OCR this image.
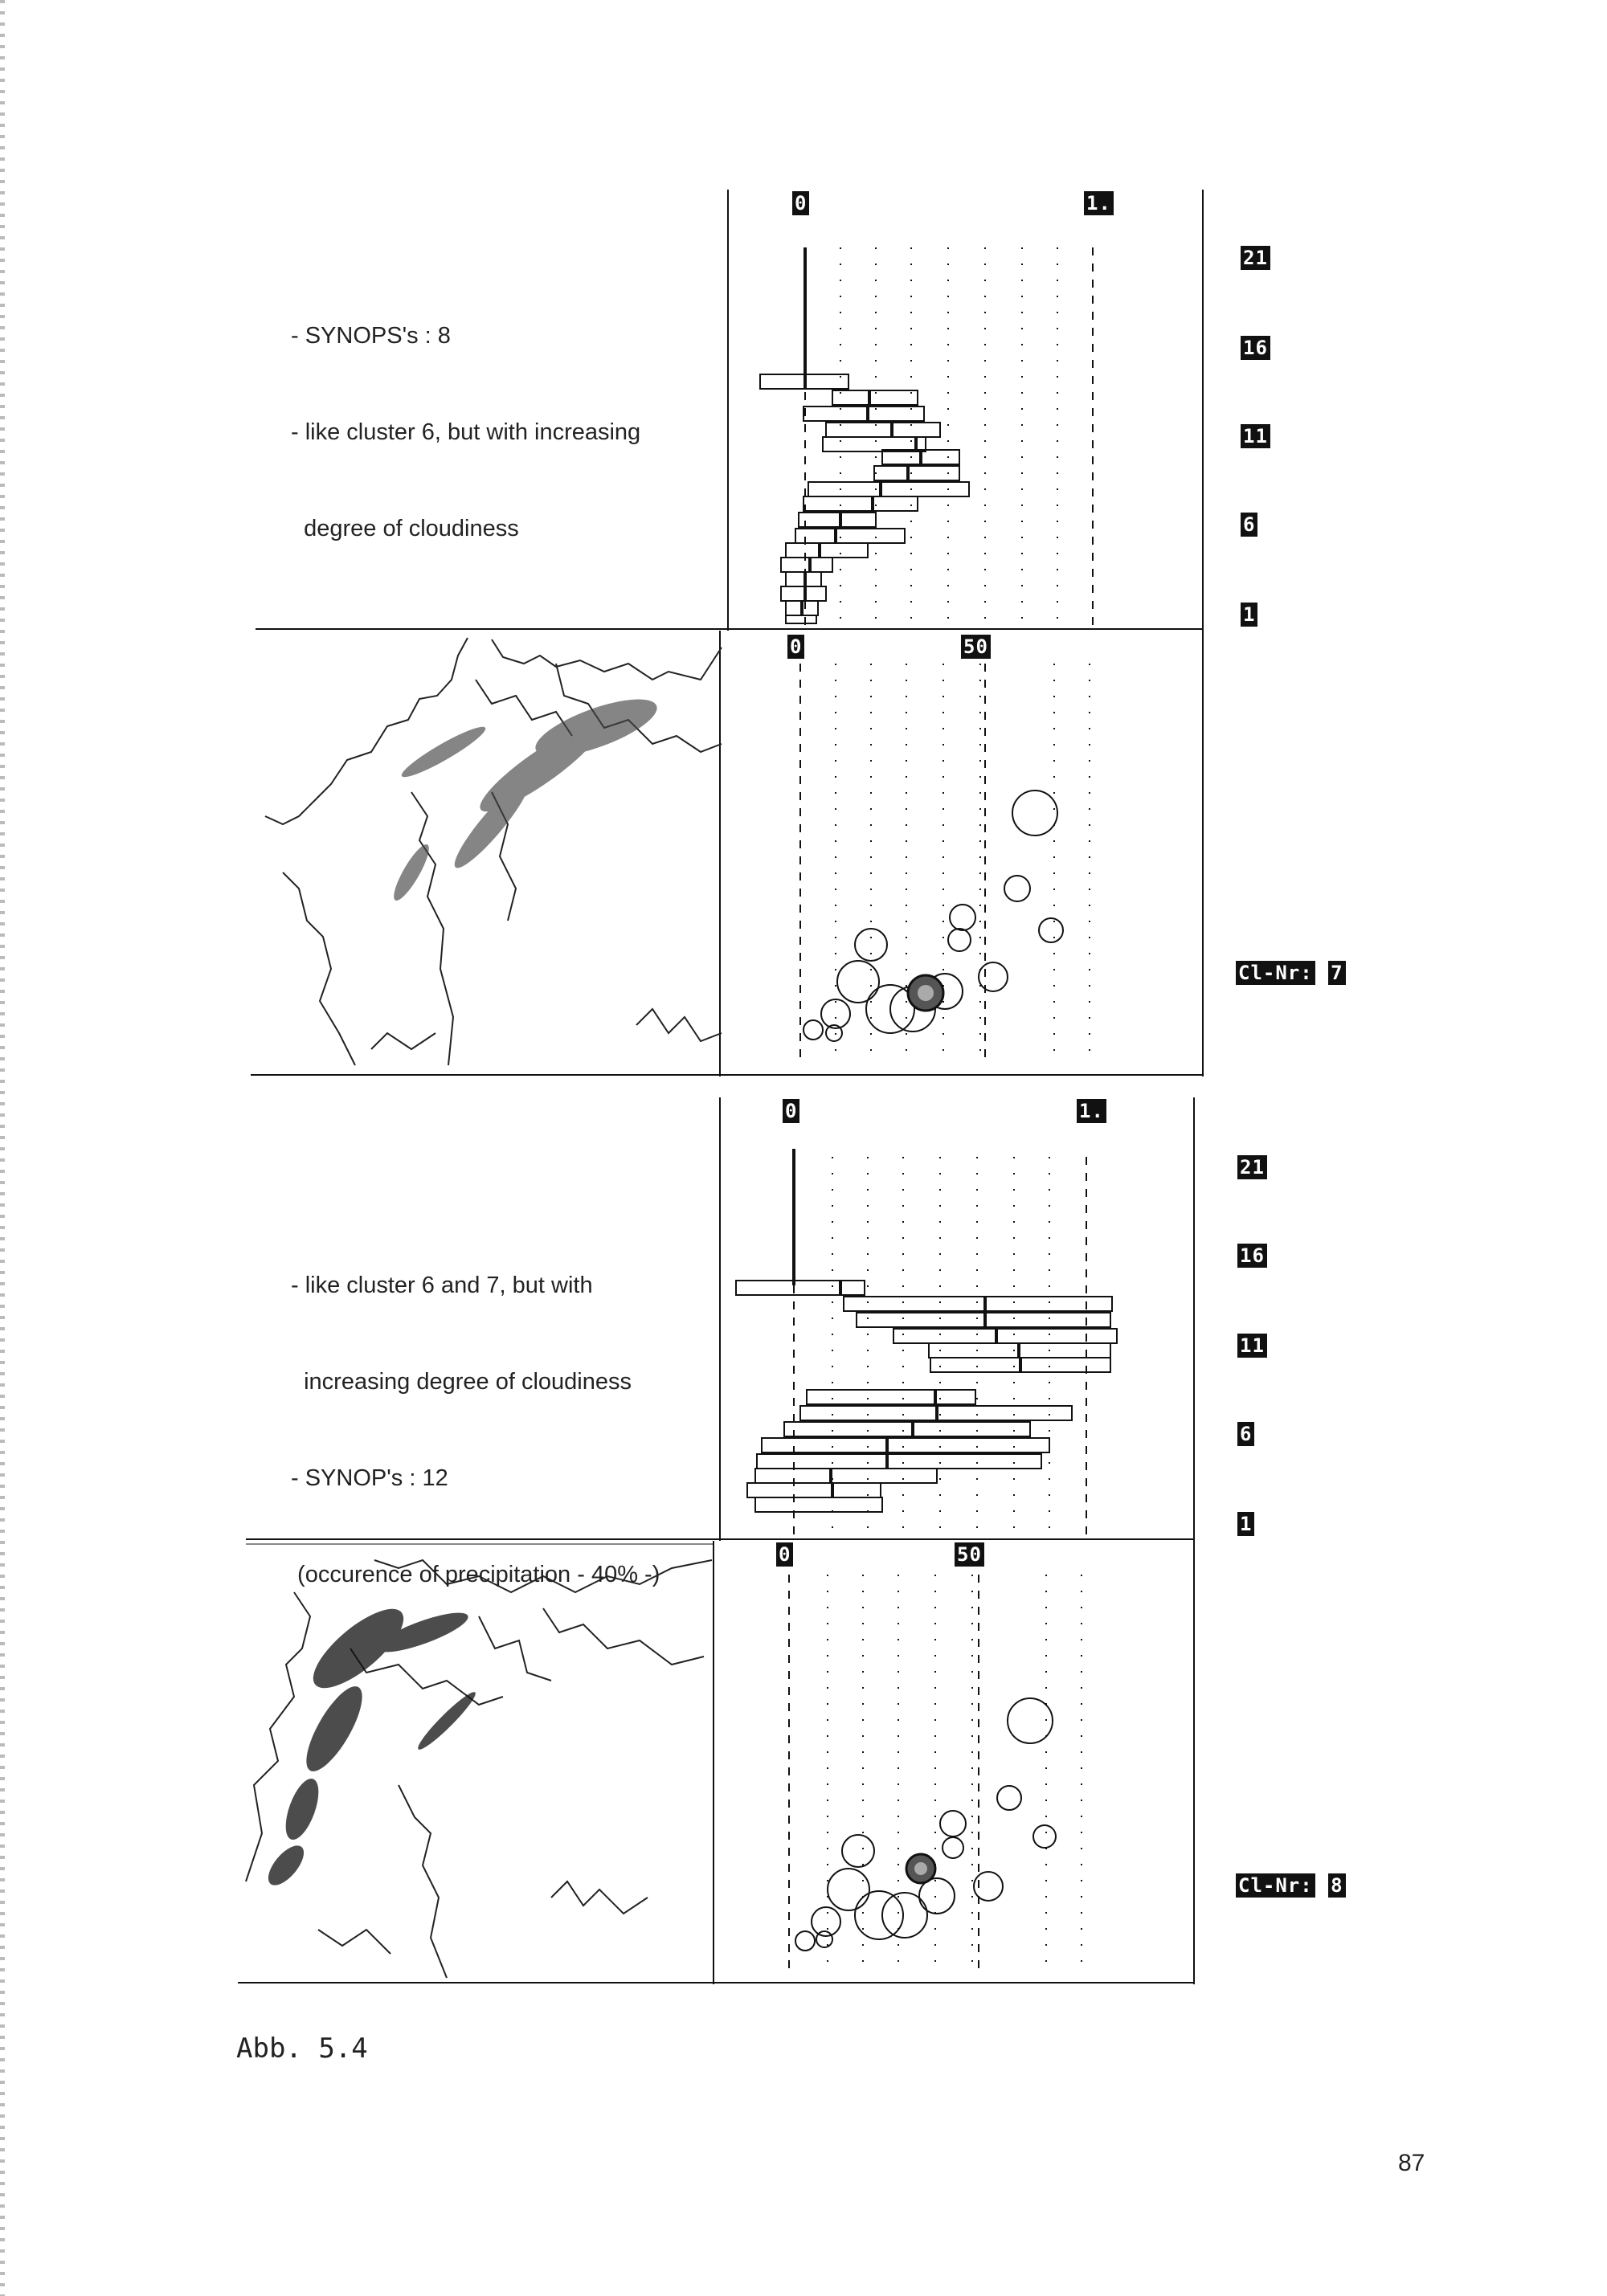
- SYNOPS's : 8

- like cluster 6, but with increasing

degree of cloudiness

0	1.
0	50
21
16
11
6
1
Cl-Nr: 7

- like cluster 6 and 7, but with

increasing degree of cloudiness

- SYNOP's : 12

(occurence of precipitation - 40% -)

0	1.
0	50
21
16
11
6
1
Cl-Nr: 8
Abb. 5.4
87
